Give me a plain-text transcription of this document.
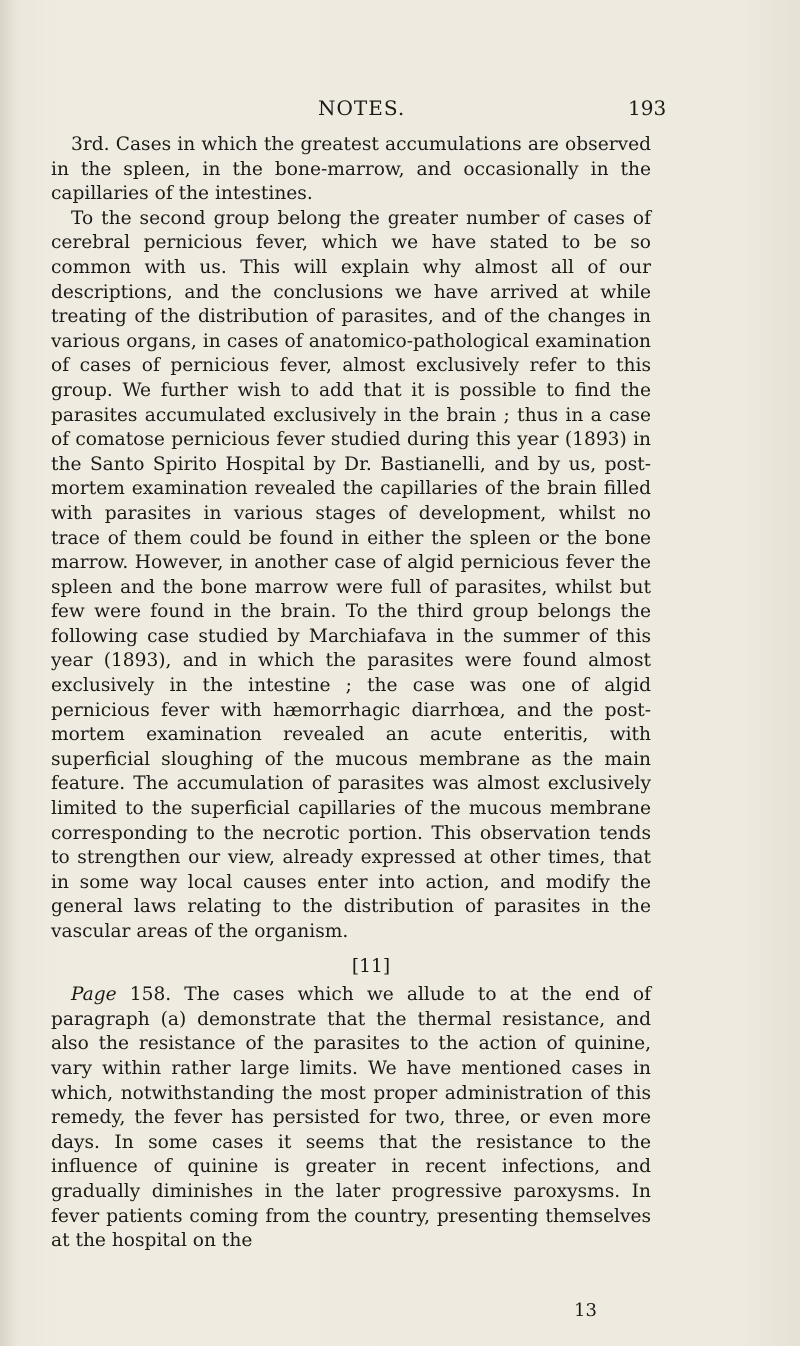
NOTES.	193

3rd. Cases in which the greatest accumulations are observed in the spleen, in the bone-marrow, and occasionally in the capillaries of the intestines.

To the second group belong the greater number of cases of cerebral pernicious fever, which we have stated to be so common with us. This will explain why almost all of our descriptions, and the conclusions we have arrived at while treating of the distribution of parasites, and of the changes in various organs, in cases of anatomico-pathological examination of cases of pernicious fever, almost exclusively refer to this group. We further wish to add that it is possible to find the parasites accumulated exclusively in the brain ; thus in a case of comatose pernicious fever studied during this year (1893) in the Santo Spirito Hospital by Dr. Bastianelli, and by us, post-mortem examination revealed the capillaries of the brain filled with parasites in various stages of development, whilst no trace of them could be found in either the spleen or the bone marrow. However, in another case of algid pernicious fever the spleen and the bone marrow were full of parasites, whilst but few were found in the brain. To the third group belongs the following case studied by Marchiafava in the summer of this year (1893), and in which the parasites were found almost exclusively in the intestine ; the case was one of algid pernicious fever with hæmorrhagic diarrhœa, and the post-mortem examination revealed an acute enteritis, with superficial sloughing of the mucous membrane as the main feature. The accumulation of parasites was almost exclusively limited to the superficial capillaries of the mucous membrane corresponding to the necrotic portion. This observation tends to strengthen our view, already expressed at other times, that in some way local causes enter into action, and modify the general laws relating to the distribution of parasites in the vascular areas of the organism.

[11]

Page 158. The cases which we allude to at the end of paragraph (a) demonstrate that the thermal resistance, and also the resistance of the parasites to the action of quinine, vary within rather large limits. We have mentioned cases in which, notwithstanding the most proper administration of this remedy, the fever has persisted for two, three, or even more days. In some cases it seems that the resistance to the influence of quinine is greater in recent infections, and gradually diminishes in the later progressive paroxysms. In fever patients coming from the country, presenting themselves at the hospital on the

13
